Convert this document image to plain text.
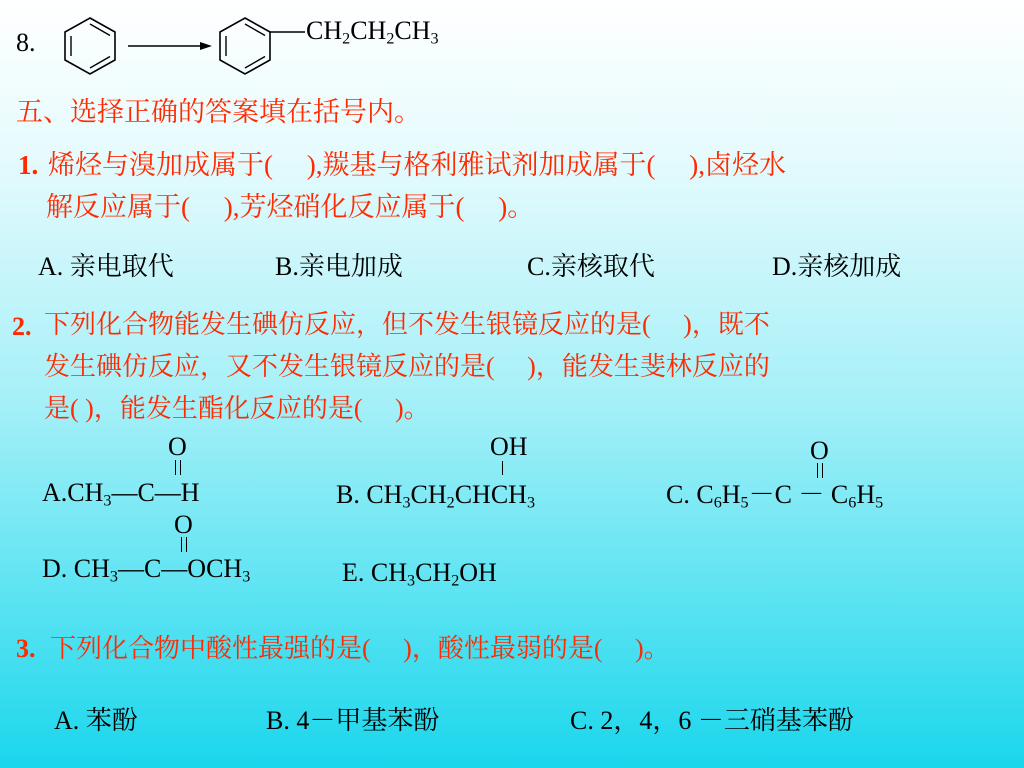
8.	$CH_2CH_2CH_3$
五、选择正确的答案填在括号内。
1. 烯烃与溴加成属于(　 ),羰基与格利雅试剂加成属于(　 ),卤烃水
解反应属于(　 ),芳烃硝化反应属于(　 )。
A. 亲电取代	B.亲电加成	C.亲核取代	D.亲核加成
2. 下列化合物能发生碘仿反应，但不发生银镜反应的是(　 )，既不
发生碘仿反应，又不发生银镜反应的是(　 )，能发生斐林反应的
是( )，能发生酯化反应的是(　 )。
O
$A.CH_3—C—H$
OH
B. $CH_3CH_2CHCH_3$
O
C. $C_6H_5-C - C_6H_5$
O
D. $CH_3—C—OCH_3$	E. $CH_3CH_2OH$
3. 下列化合物中酸性最强的是(　 )，酸性最弱的是(　 )。
A. 苯酚	B. 4－甲基苯酚	C. 2，4，6 －三硝基苯酚
